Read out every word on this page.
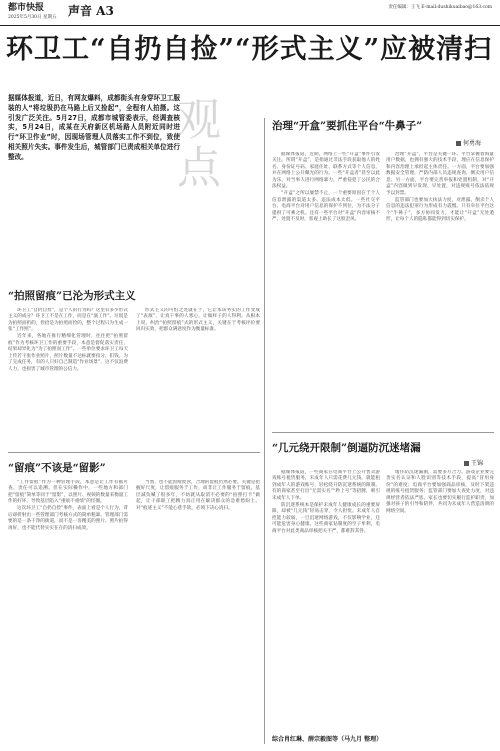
都市快报
2025年5月30日 星期五 声音 A3	责任编辑：王飞 E-mail:dushikuaibao@163.com
环卫工“自扔自捡”“形式主义”应被清扫
观点
据媒体报道，近日，有网友爆料，成都街头有身穿环卫工服装的人“将垃圾扔在马路上后又捡起”，全程有人拍摄。这引发广泛关注。5月27日，成都市城管委表示，经调查核实，5月24日，成某在天府新区机场路人员附近同时进行“环卫作业”时，因现场管理人员落实工作不到位，致使相关照片失实。事件发生后，城管部门已责成相关单位进行整改。
“拍照留痕”已沦为形式主义

环卫工“自扔自捡”，是个人的行为吗？这里有多少形式主义的成分？环卫工不是在工作，而是在“演工作”。垃圾是为拍照而扔的，捡拾是为拍照而捡的，整个过程只为生成一张“工作照”。

近年来，各地在推行精细化管理时，往往把“拍照留痕”作为考核环卫工作的重要手段，本意是督促落实责任，结果却异化为“为了拍照而工作”。一些单位要求环卫工每天上传若干张作业照片，照片数量不达标就要扣分、扣钱。为了完成任务，有的人只好自己制造“作业场景”，这不仅浪费人力，也损害了城市管理的公信力。

形式主义的可怕之处就在于，它让本该务实的工作变成了“表演”，让真干事的人寒心，让做样子的人得利。从根本上说，纠治“拍照留痕”式的形式主义，关键在于考核评价要回归实效，把群众满意度作为衡量标准。

“留痕”不该是“留影”

“工作留痕”作为一种管理手段，本意是让工作有据可查、责任可以追溯。但在实际操作中，一些地方和部门把“留痕”简单等同于“留影”，以照片、视频的数量来衡量工作的好坏，导致基层陷入“重痕不重绩”的怪圈。

这次环卫工“自扔自捡”事件，表面上看是个人行为，背后却折射出一些管理部门考核方式的简单粗暴。管理部门需要的是一条干净的街道，而不是一沓精美的照片。照片拍得再好，也不能代替实实在在的清扫成效。

当然，也不能因噎废食，合理的留痕仍然必要。关键是把握好尺度，让留痕服务于工作，而非让工作服务于留痕。基层减负喊了很多年，不妨就从取消不必要的“拍照打卡”做起，让干部职工把精力真正用在解决群众的急难愁盼上。对“痕迹主义”不能心慈手软，必须下决心清扫。

综合肖红琳、薛宗毅图等（马九月 整理）
治理“开盒”要抓住平台“牛鼻子”
何勇海

据媒体报道，近期，网络上一些“开盒”事件引发关注。所谓“开盒”，是指通过非法手段获取他人的姓名、身份证号码、家庭住址、联系方式等个人信息，并在网络上公开曝光的行为。一些“开盒者”甚至以此为乐，对当事人进行网络暴力，严重侵犯了公民的合法权益。

“开盒”之所以屡禁不止，一个重要原因在于个人信息泄露的渠道太多、违法成本太低。一些社交平台、电商平台对用户信息的保护不到位，为不法分子提供了可乘之机。还有一些平台对“开盒”内容审核不严、处置不及时，客观上助长了这股歪风。

治理“开盒”，平台是关键一环。平台掌握着海量用户数据，也拥有强大的技术手段，理应在信息保护和内容治理上承担起主体责任。一方面，平台要加强数据安全管理，严防内部人员违规查询、倒卖用户信息；另一方面，平台要完善举报和处置机制，对“开盒”内容做到早发现、早处置，对违规账号依法依规予以封禁。

监管部门也要加大执法力度，对泄露、倒卖个人信息的违法犯罪行为形成有力震慑。只有牵住平台这个“牛鼻子”，多方协同发力，才能让“开盒”无处遁形，让每个人的隐私都能得到切实保护。

“几元绕开限制”倒逼防沉迷堵漏
王锦

据媒体报道，一些商家在电商平台上公开售卖游戏账号租赁服务，未成年人只需花费几元钱，就能租到成年人的游戏账号，轻松绕开防沉迷系统的限制。有的商家甚至打出“无需实名”“秒上号”等招牌，吸引未成年人下单。

防沉迷系统本是保护未成年人健康成长的重要屏障，却被“几元钱”轻易击穿，令人担忧。未成年人自控能力较弱，一旦沉迷网络游戏，不仅影响学业，还可能危害身心健康。这些商家钻制度的空子牟利，电商平台对此类商品审核把关不严，都难辞其咎。

堵住防沉迷漏洞，需要多方合力。游戏企业要完善实名认证和人脸识别等技术手段，提高“冒用身份”的难度；电商平台要加强商品审核，及时下架违规的账号租赁服务；监管部门要加大查处力度，对违规经营者依法严惩。家长也要切实履行监护职责，加强对孩子的引导和陪伴，共同为未成年人营造清朗的网络空间。
